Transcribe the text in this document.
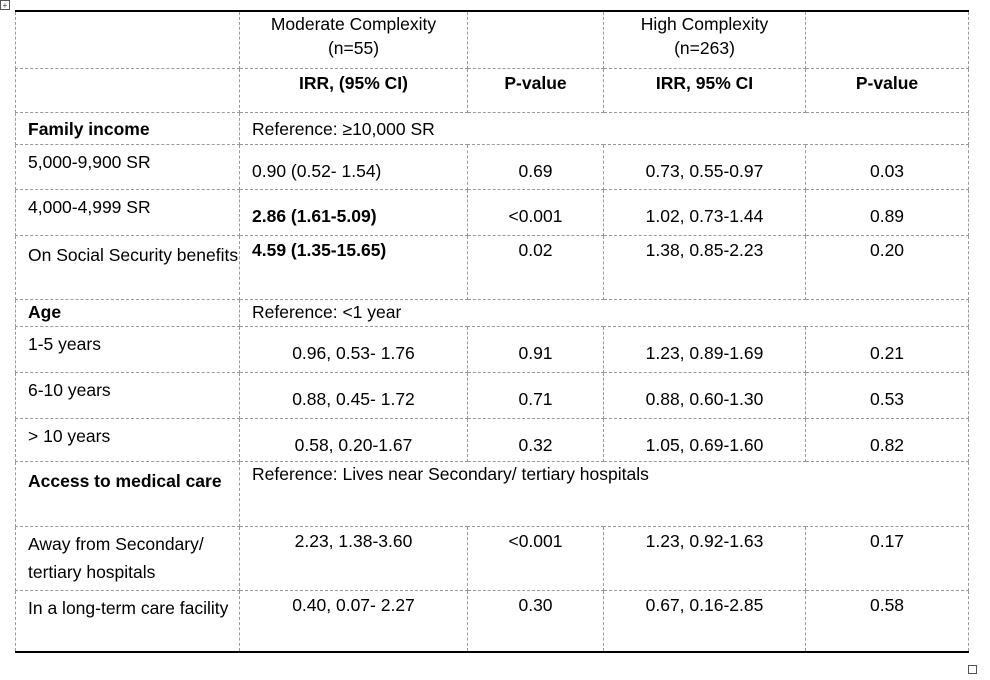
+

	Moderate Complexity
(n=55)		High Complexity
(n=263)	

	IRR, (95% CI)	P-value	IRR, 95% CI	P-value
Family income	Reference: ≥10,000 SR			
5,000-9,900 SR	0.90 (0.52- 1.54)	0.69	0.73, 0.55-0.97	0.03
4,000-4,999 SR	2.86 (1.61-5.09)	<0.001	1.02, 0.73-1.44	0.89
On Social Security benefits	4.59 (1.35-15.65)	0.02	1.38, 0.85-2.23	0.20
Age	Reference: <1 year			
1-5 years	0.96, 0.53- 1.76	0.91	1.23, 0.89-1.69	0.21
6-10 years	0.88, 0.45- 1.72	0.71	0.88, 0.60-1.30	0.53
> 10 years	0.58, 0.20-1.67	0.32	1.05, 0.69-1.60	0.82
Access to medical care	Reference: Lives near Secondary/ tertiary hospitals			
Away from Secondary/ tertiary hospitals	2.23, 1.38-3.60	<0.001	1.23, 0.92-1.63	0.17
In a long-term care facility	0.40, 0.07- 2.27	0.30	0.67, 0.16-2.85	0.58
